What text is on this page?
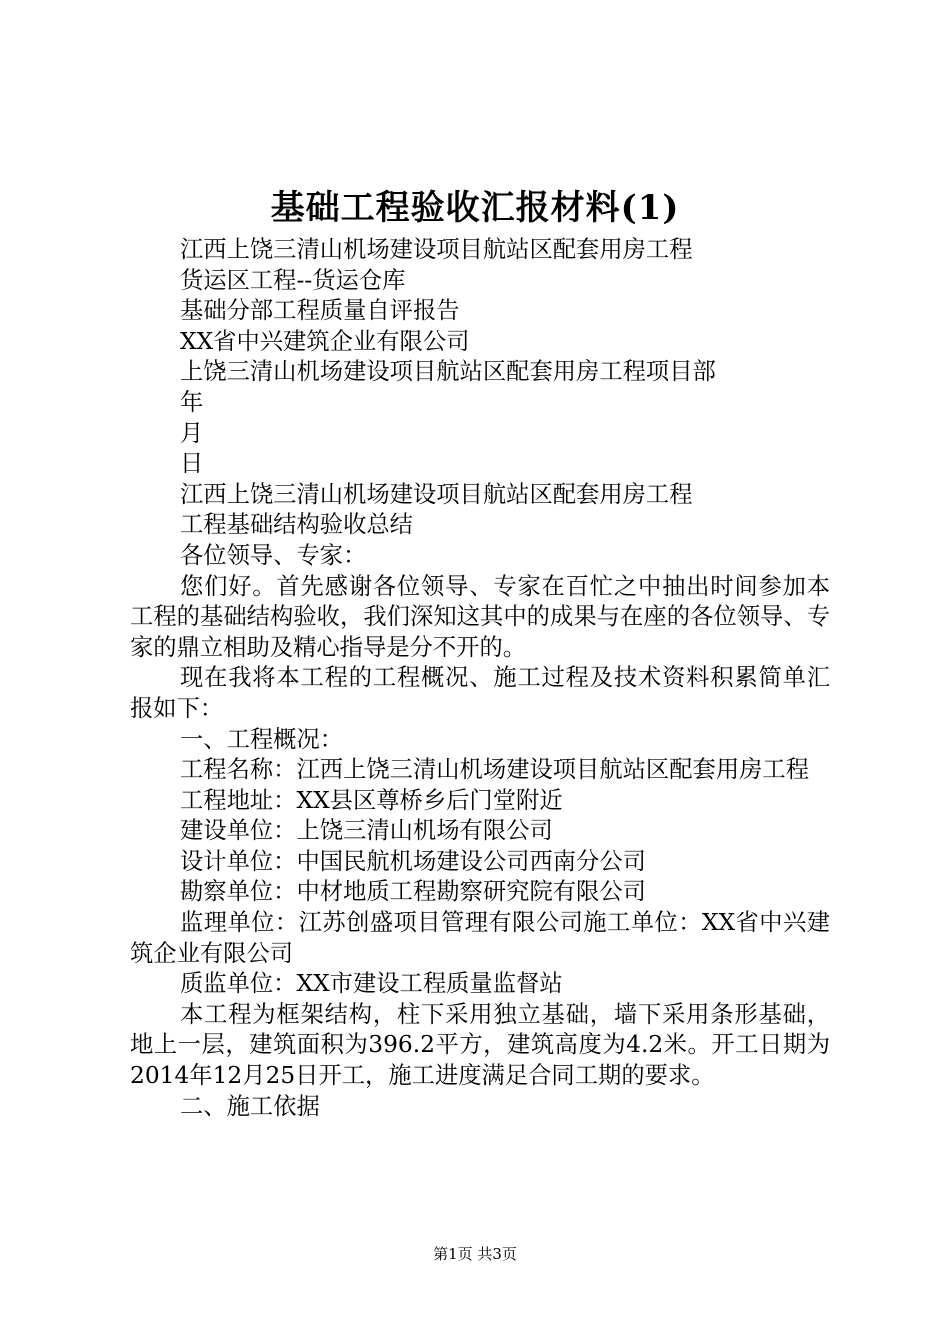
基础工程验收汇报材料(1)

江西上饶三清山机场建设项目航站区配套用房工程

货运区工程--货运仓库

基础分部工程质量自评报告

XX省中兴建筑企业有限公司

上饶三清山机场建设项目航站区配套用房工程项目部

年

月

日

江西上饶三清山机场建设项目航站区配套用房工程

工程基础结构验收总结

各位领导、专家：

您们好。首先感谢各位领导、专家在百忙之中抽出时间参加本工程的基础结构验收，我们深知这其中的成果与在座的各位领导、专家的鼎立相助及精心指导是分不开的。

现在我将本工程的工程概况、施工过程及技术资料积累简单汇报如下：

一、工程概况：

工程名称：江西上饶三清山机场建设项目航站区配套用房工程

工程地址：XX县区尊桥乡后门堂附近

建设单位：上饶三清山机场有限公司

设计单位：中国民航机场建设公司西南分公司

勘察单位：中材地质工程勘察研究院有限公司

监理单位：江苏创盛项目管理有限公司施工单位：XX省中兴建筑企业有限公司

质监单位：XX市建设工程质量监督站

本工程为框架结构，柱下采用独立基础，墙下采用条形基础，地上一层，建筑面积为396.2平方，建筑高度为4.2米。开工日期为2014年12月25日开工，施工进度满足合同工期的要求。

二、施工依据

第1页 共3页
